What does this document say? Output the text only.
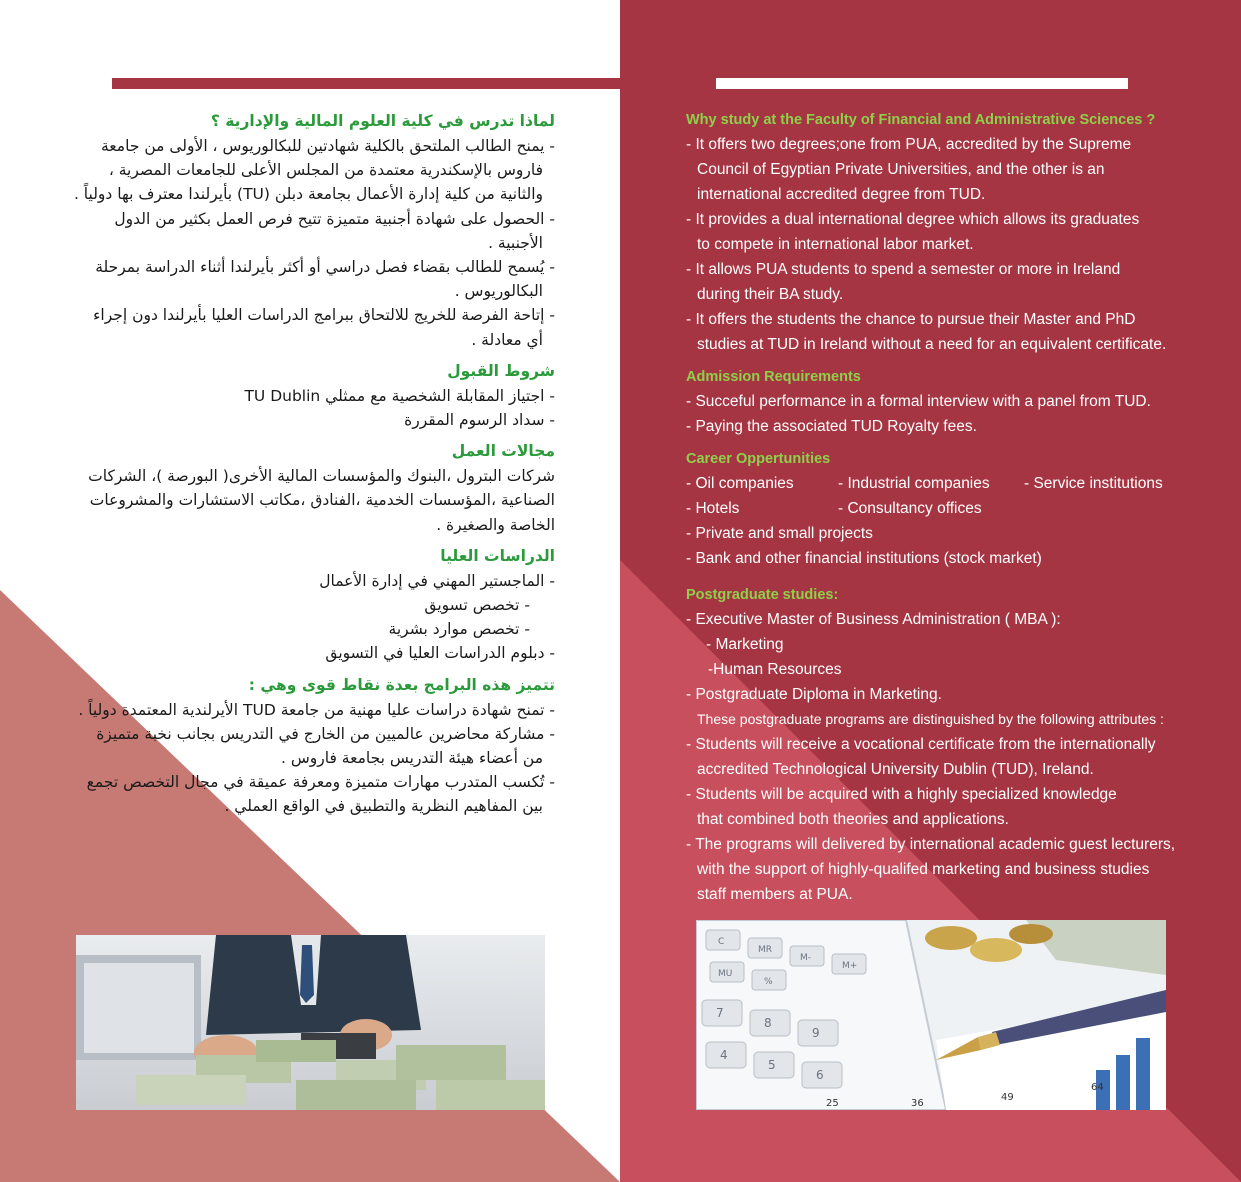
لماذا تدرس في كلية العلوم المالية والإدارية ؟
- يمنح الطالب الملتحق بالكلية شهادتين للبكالوريوس ، الأولى من جامعة
فاروس بالإسكندرية معتمدة من المجلس الأعلى للجامعات المصرية ،
والثانية من كلية إدارة الأعمال بجامعة دبلن (TU) بأيرلندا معترف بها دولياً .
- الحصول على شهادة أجنبية متميزة تتيح فرص العمل بكثير من الدول
الأجنبية .
- يُسمح للطالب بقضاء فصل دراسي أو أكثر بأيرلندا أثناء الدراسة بمرحلة
البكالوريوس .
- إتاحة الفرصة للخريج للالتحاق ببرامج الدراسات العليا بأيرلندا دون إجراء
أي معادلة .
شروط القبول
- اجتياز المقابلة الشخصية مع ممثلي TU Dublin
- سداد الرسوم المقررة
مجالات العمل
شركات البترول ،البنوك والمؤسسات المالية الأخرى( البورصة )، الشركات
الصناعية ،المؤسسات الخدمية ،الفنادق ،مكاتب الاستشارات والمشروعات
الخاصة والصغيرة .
الدراسات العليا
- الماجستير المهني في إدارة الأعمال
- تخصص تسويق
- تخصص موارد بشرية
- دبلوم الدراسات العليا في التسويق
تتميز هذه البرامج بعدة نقاط قوى وهي :
- تمنح شهادة دراسات عليا مهنية من جامعة TUD الأيرلندية المعتمدة دولياً .
- مشاركة محاضرين عالميين من الخارج في التدريس بجانب نخبة متميزة
من أعضاء هيئة التدريس بجامعة فاروس .
- تُكسب المتدرب مهارات متميزة ومعرفة عميقة في مجال التخصص تجمع
بين المفاهيم النظرية والتطبيق في الواقع العملي .
Why study at the Faculty of Financial and Administrative Sciences ?
- It offers two degrees;one from PUA, accredited by the Supreme
Council of Egyptian Private Universities, and the other is an
international accredited degree from TUD.
- It provides a dual international degree which allows its graduates
to compete in international labor market.
- It allows PUA students to spend a semester or more in Ireland
during their BA study.
- It offers the students the chance to pursue their Master and PhD
studies at TUD in Ireland without a need for an equivalent certificate.
Admission Requirements
- Succeful performance in a formal interview with a panel from TUD.
- Paying the associated TUD Royalty fees.
Career Oppertunities
- Oil companies	- Industrial companies	- Service institutions
- Hotels	- Consultancy offices
- Private and small projects
- Bank and other financial institutions (stock market)
Postgraduate studies:
- Executive Master of Business Administration ( MBA ):
- Marketing
-Human Resources
- Postgraduate Diploma in Marketing.
These postgraduate programs are distinguished by the following attributes :
- Students will receive a vocational certificate from the internationally
accredited Technological University Dublin (TUD), Ireland.
- Students will be acquired with a highly specialized knowledge
that combined both theories and applications.
- The programs will delivered by international academic guest lecturers,
with the support of highly-qualifed marketing and business studies
staff members at PUA.
C
MR
M-
M+
MU
%
7
8
9
4
5
6
25	36
49
64
